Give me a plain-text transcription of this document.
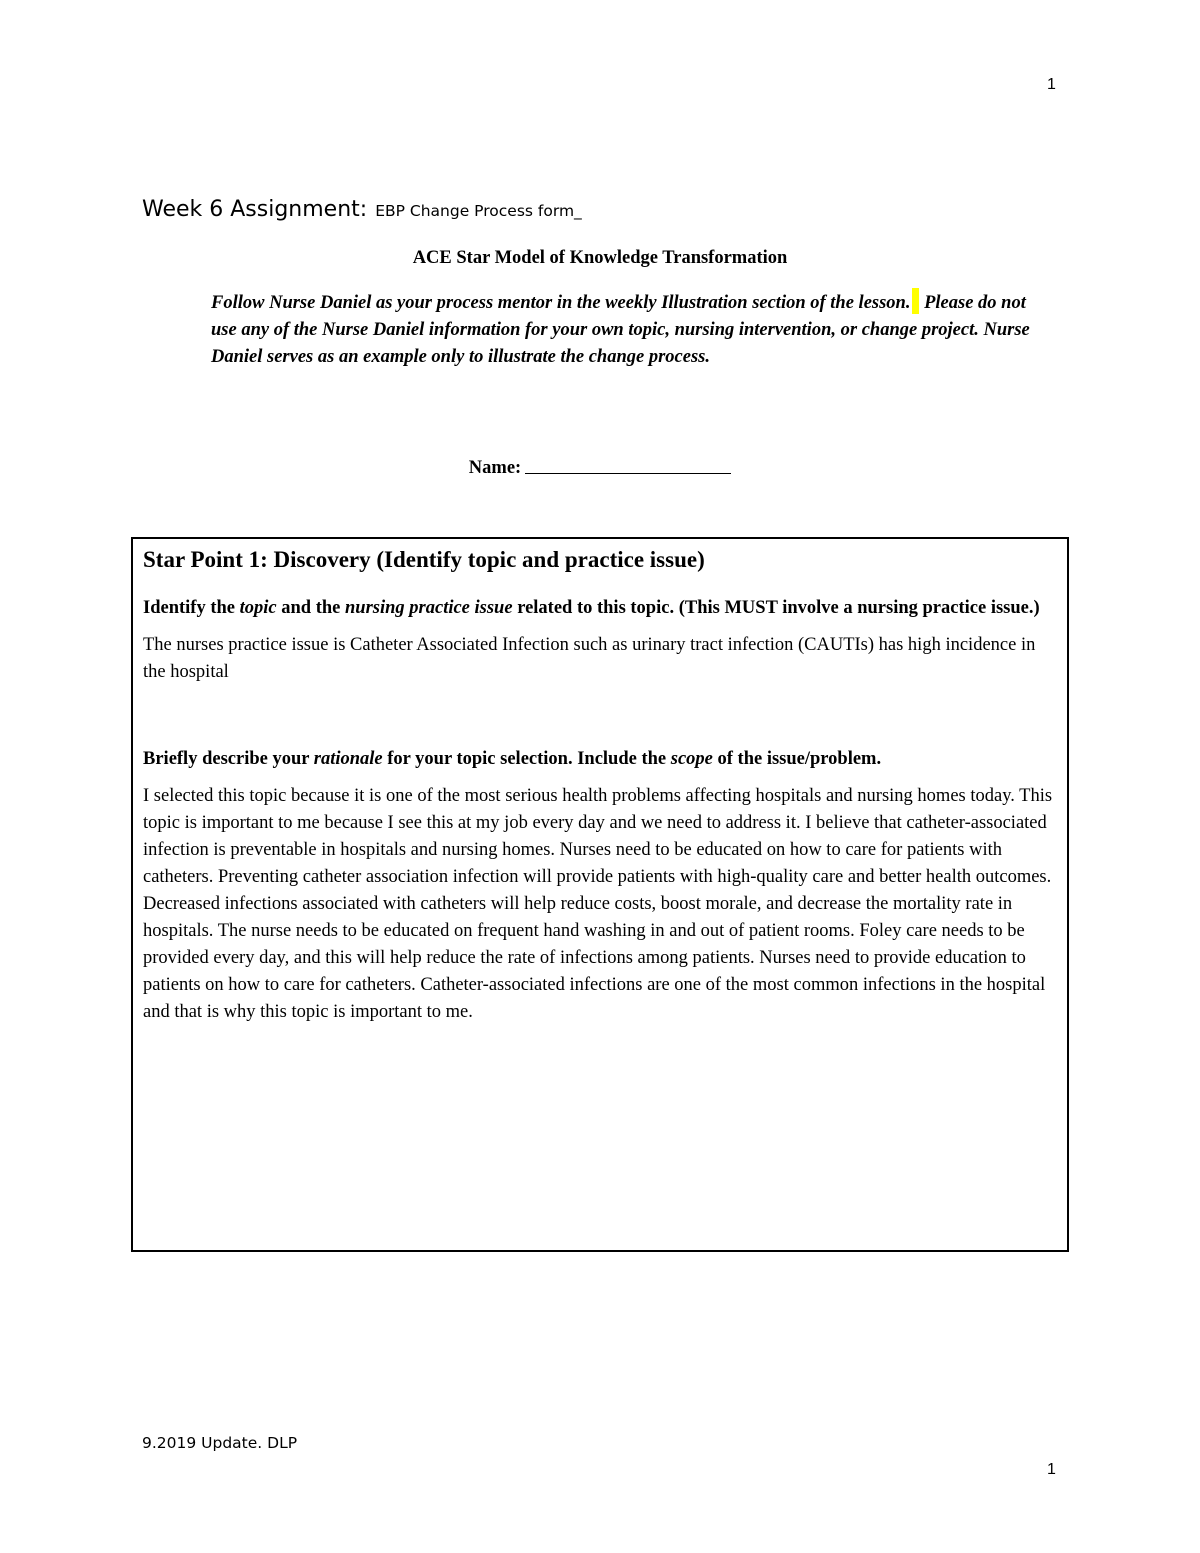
1
Week 6 Assignment: EBP Change Process form_
ACE Star Model of Knowledge Transformation
Follow Nurse Daniel as your process mentor in the weekly Illustration section of the lesson. Please do not use any of the Nurse Daniel information for your own topic, nursing intervention, or change project. Nurse Daniel serves as an example only to illustrate the change process.
Name:
Star Point 1: Discovery (Identify topic and practice issue)
Identify the topic and the nursing practice issue related to this topic. (This MUST involve a nursing practice issue.)

The nurses practice issue is Catheter Associated Infection such as urinary tract infection (CAUTIs) has high incidence in the hospital

Briefly describe your rationale for your topic selection. Include the scope of the issue/problem.

I selected this topic because it is one of the most serious health problems affecting hospitals and nursing homes today. This topic is important to me because I see this at my job every day and we need to address it. I believe that catheter-associated infection is preventable in hospitals and nursing homes. Nurses need to be educated on how to care for patients with catheters. Preventing catheter association infection will provide patients with high-quality care and better health outcomes. Decreased infections associated with catheters will help reduce costs, boost morale, and decrease the mortality rate in hospitals. The nurse needs to be educated on frequent hand washing in and out of patient rooms. Foley care needs to be provided every day, and this will help reduce the rate of infections among patients. Nurses need to provide education to patients on how to care for catheters. Catheter-associated infections are one of the most common infections in the hospital and that is why this topic is important to me.

9.2019 Update. DLP
1
